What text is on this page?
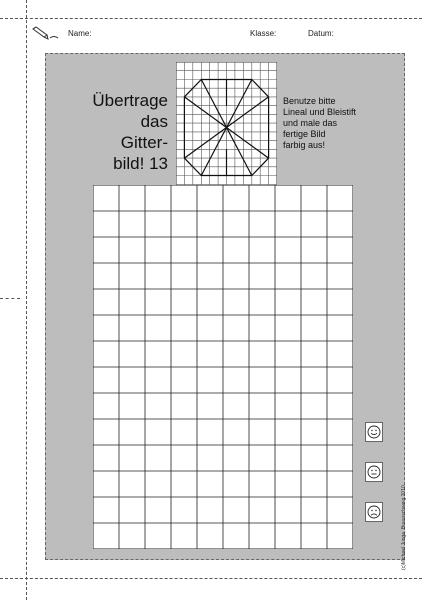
Name:	Klasse:	Datum:
Übertrage
das
Gitter-
bild! 13
Benutze bitte
Lineal und Bleistift
und male das
fertige Bild
farbig aus!
(c)Michael Junga, Braunschweig 2010
